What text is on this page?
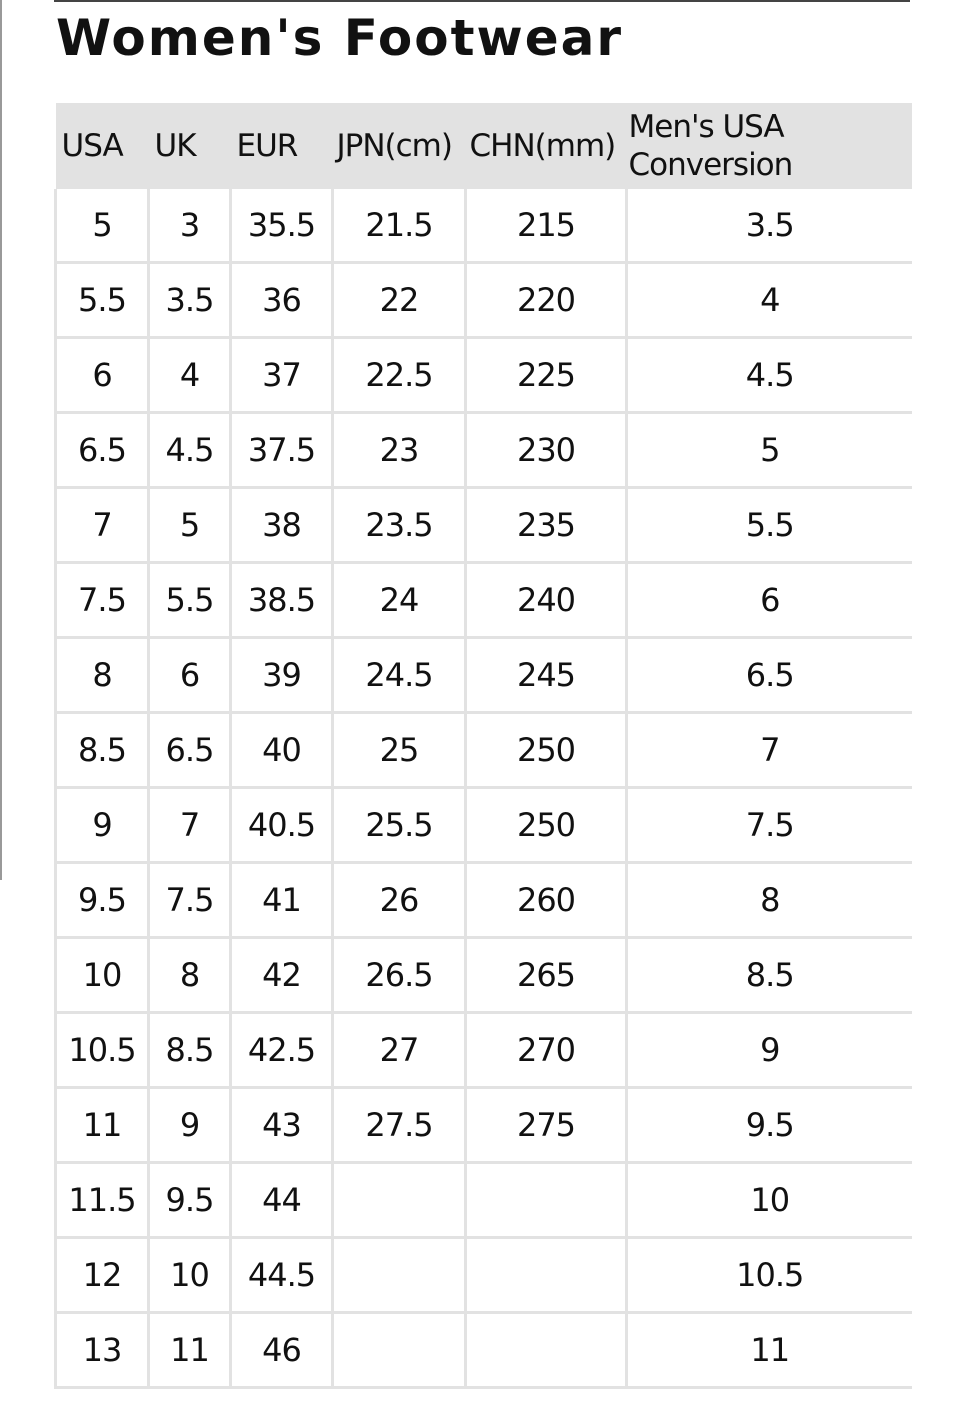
Women's Footwear
USA	UK	EUR	JPN(cm)	CHN(mm)	Men's USA Conversion
5	3	35.5	21.5	215	3.5
5.5	3.5	36	22	220	4
6	4	37	22.5	225	4.5
6.5	4.5	37.5	23	230	5
7	5	38	23.5	235	5.5
7.5	5.5	38.5	24	240	6
8	6	39	24.5	245	6.5
8.5	6.5	40	25	250	7
9	7	40.5	25.5	250	7.5
9.5	7.5	41	26	260	8
10	8	42	26.5	265	8.5
10.5	8.5	42.5	27	270	9
11	9	43	27.5	275	9.5
11.5	9.5	44			10
12	10	44.5			10.5
13	11	46			11
